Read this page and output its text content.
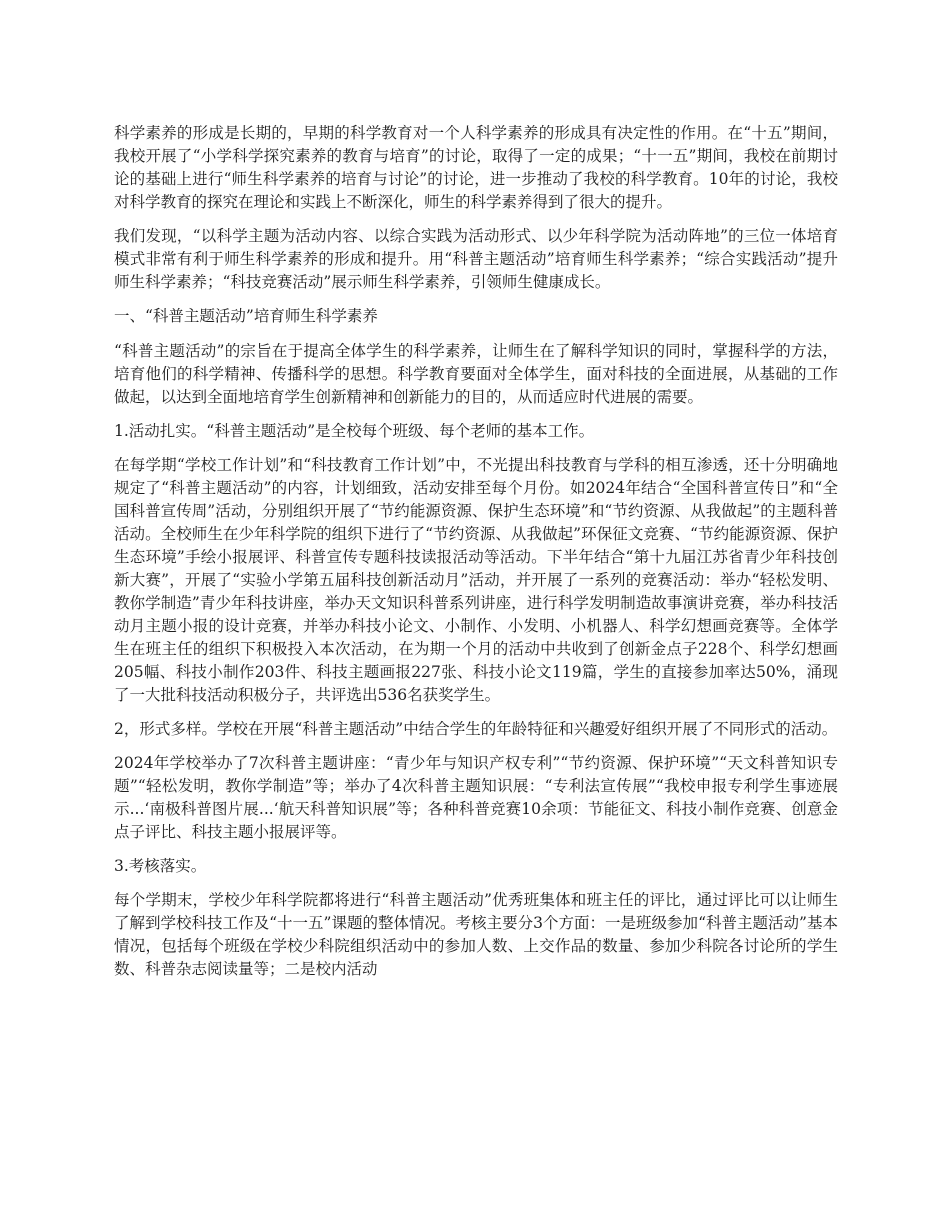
科学素养的形成是长期的，早期的科学教育对一个人科学素养的形成具有决定性的作用。在“十五”期间，我校开展了“小学科学探究素养的教育与培育”的讨论，取得了一定的成果；“十一五”期间，我校在前期讨论的基础上进行“师生科学素养的培育与讨论”的讨论，进一步推动了我校的科学教育。10年的讨论，我校对科学教育的探究在理论和实践上不断深化，师生的科学素养得到了很大的提升。

我们发现，“以科学主题为活动内容、以综合实践为活动形式、以少年科学院为活动阵地”的三位一体培育模式非常有利于师生科学素养的形成和提升。用“科普主题活动”培育师生科学素养；“综合实践活动”提升师生科学素养；“科技竞赛活动”展示师生科学素养，引领师生健康成长。

一、“科普主题活动”培育师生科学素养

“科普主题活动”的宗旨在于提高全体学生的科学素养，让师生在了解科学知识的同时，掌握科学的方法，培育他们的科学精神、传播科学的思想。科学教育要面对全体学生，面对科技的全面进展，从基础的工作做起，以达到全面地培育学生创新精神和创新能力的目的，从而适应时代进展的需要。

1.活动扎实。“科普主题活动”是全校每个班级、每个老师的基本工作。

在每学期“学校工作计划”和“科技教育工作计划”中，不光提出科技教育与学科的相互渗透，还十分明确地规定了“科普主题活动”的内容，计划细致，活动安排至每个月份。如2024年结合“全国科普宣传日”和“全国科普宣传周”活动，分别组织开展了“节约能源资源、保护生态环境”和“节约资源、从我做起”的主题科普活动。全校师生在少年科学院的组织下进行了“节约资源、从我做起”环保征文竞赛、“节约能源资源、保护生态环境”手绘小报展评、科普宣传专题科技读报活动等活动。下半年结合“第十九届江苏省青少年科技创新大赛”，开展了“实验小学第五届科技创新活动月”活动，并开展了一系列的竞赛活动：举办“轻松发明、教你学制造”青少年科技讲座，举办天文知识科普系列讲座，进行科学发明制造故事演讲竞赛，举办科技活动月主题小报的设计竞赛，并举办科技小论文、小制作、小发明、小机器人、科学幻想画竞赛等。全体学生在班主任的组织下积极投入本次活动，在为期一个月的活动中共收到了创新金点子228个、科学幻想画205幅、科技小制作203件、科技主题画报227张、科技小论文119篇，学生的直接参加率达50%，涌现了一大批科技活动积极分子，共评选出536名获奖学生。

2，形式多样。学校在开展“科普主题活动”中结合学生的年龄特征和兴趣爱好组织开展了不同形式的活动。

2024年学校举办了7次科普主题讲座：“青少年与知识产权专利”“节约资源、保护环境”“天文科普知识专题”“轻松发明，教你学制造”等；举办了4次科普主题知识展：“专利法宣传展”“我校申报专利学生事迹展示...‘南极科普图片展...‘航天科普知识展”等；各种科普竞赛10余项：节能征文、科技小制作竞赛、创意金点子评比、科技主题小报展评等。

3.考核落实。

每个学期末，学校少年科学院都将进行“科普主题活动”优秀班集体和班主任的评比，通过评比可以让师生了解到学校科技工作及“十一五”课题的整体情况。考核主要分3个方面：一是班级参加“科普主题活动”基本情况，包括每个班级在学校少科院组织活动中的参加人数、上交作品的数量、参加少科院各讨论所的学生数、科普杂志阅读量等；二是校内活动
